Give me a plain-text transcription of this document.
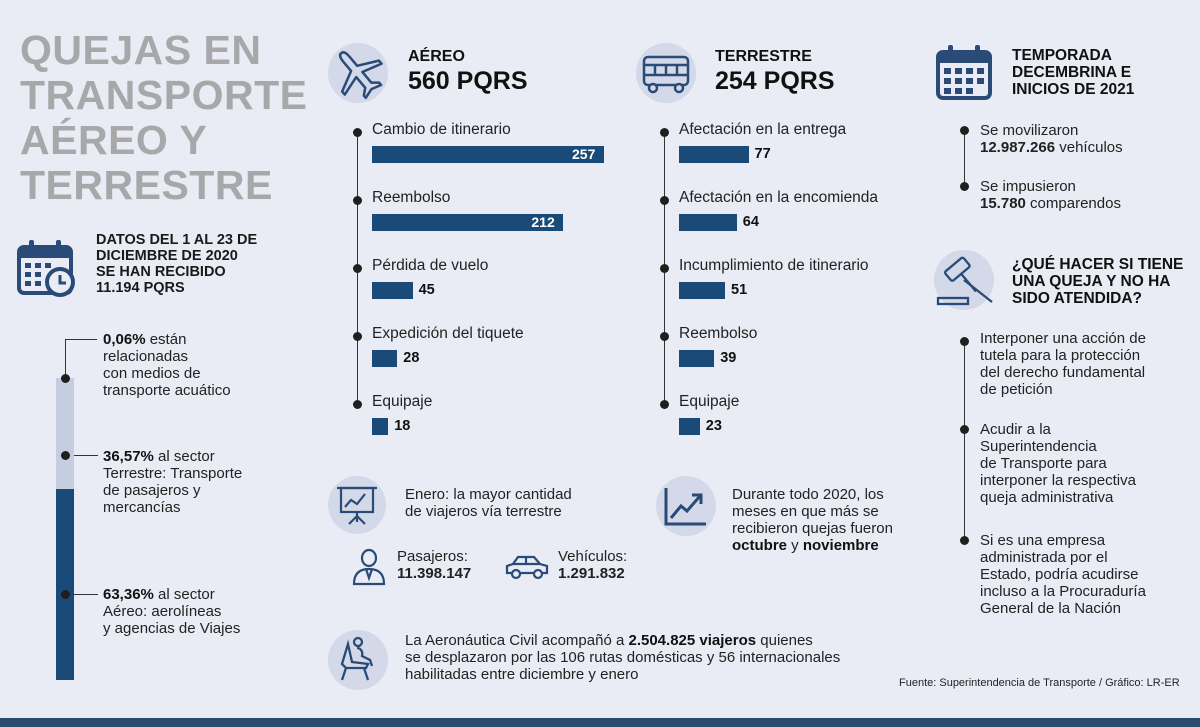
QUEJAS EN
TRANSPORTE
AÉREO Y
TERRESTRE
DATOS DEL 1 AL 23 DE
DICIEMBRE DE 2020
SE HAN RECIBIDO
11.194 PQRS
0,06% están
relacionadas
con medios de
transporte acuático
36,57% al sector
Terrestre: Transporte
de pasajeros y
mercancías
63,36% al sector
Aéreo: aerolíneas
y agencias de Viajes
AÉREO
560 PQRS
TERRESTRE
254 PQRS
Cambio de itinerario
257
Reembolso
212
Pérdida de vuelo
45
Expedición del tiquete
28
Equipaje
18
Afectación en la entrega
77
Afectación en la encomienda
64
Incumplimiento de itinerario
51
Reembolso
39
Equipaje
23
Enero: la mayor cantidad
de viajeros vía terrestre
Pasajeros:
11.398.147
Vehículos:
1.291.832
Durante todo 2020, los
meses en que más se
recibieron quejas fueron
octubre y noviembre
La Aeronáutica Civil acompañó a 2.504.825 viajeros quienes
se desplazaron por las 106 rutas domésticas y 56 internacionales
habilitadas entre diciembre y enero
TEMPORADA
DECEMBRINA E
INICIOS DE 2021
Se movilizaron
12.987.266 vehículos
Se impusieron
15.780 comparendos
¿QUÉ HACER SI TIENE
UNA QUEJA Y NO HA
SIDO ATENDIDA?
Interponer una acción de
tutela para la protección
del derecho fundamental
de petición
Acudir a la
Superintendencia
de Transporte para
interponer la respectiva
queja administrativa
Si es una empresa
administrada por el
Estado, podría acudirse
incluso a la Procuraduría
General de la Nación
Fuente: Superintendencia de Transporte / Gráfico: LR-ER
